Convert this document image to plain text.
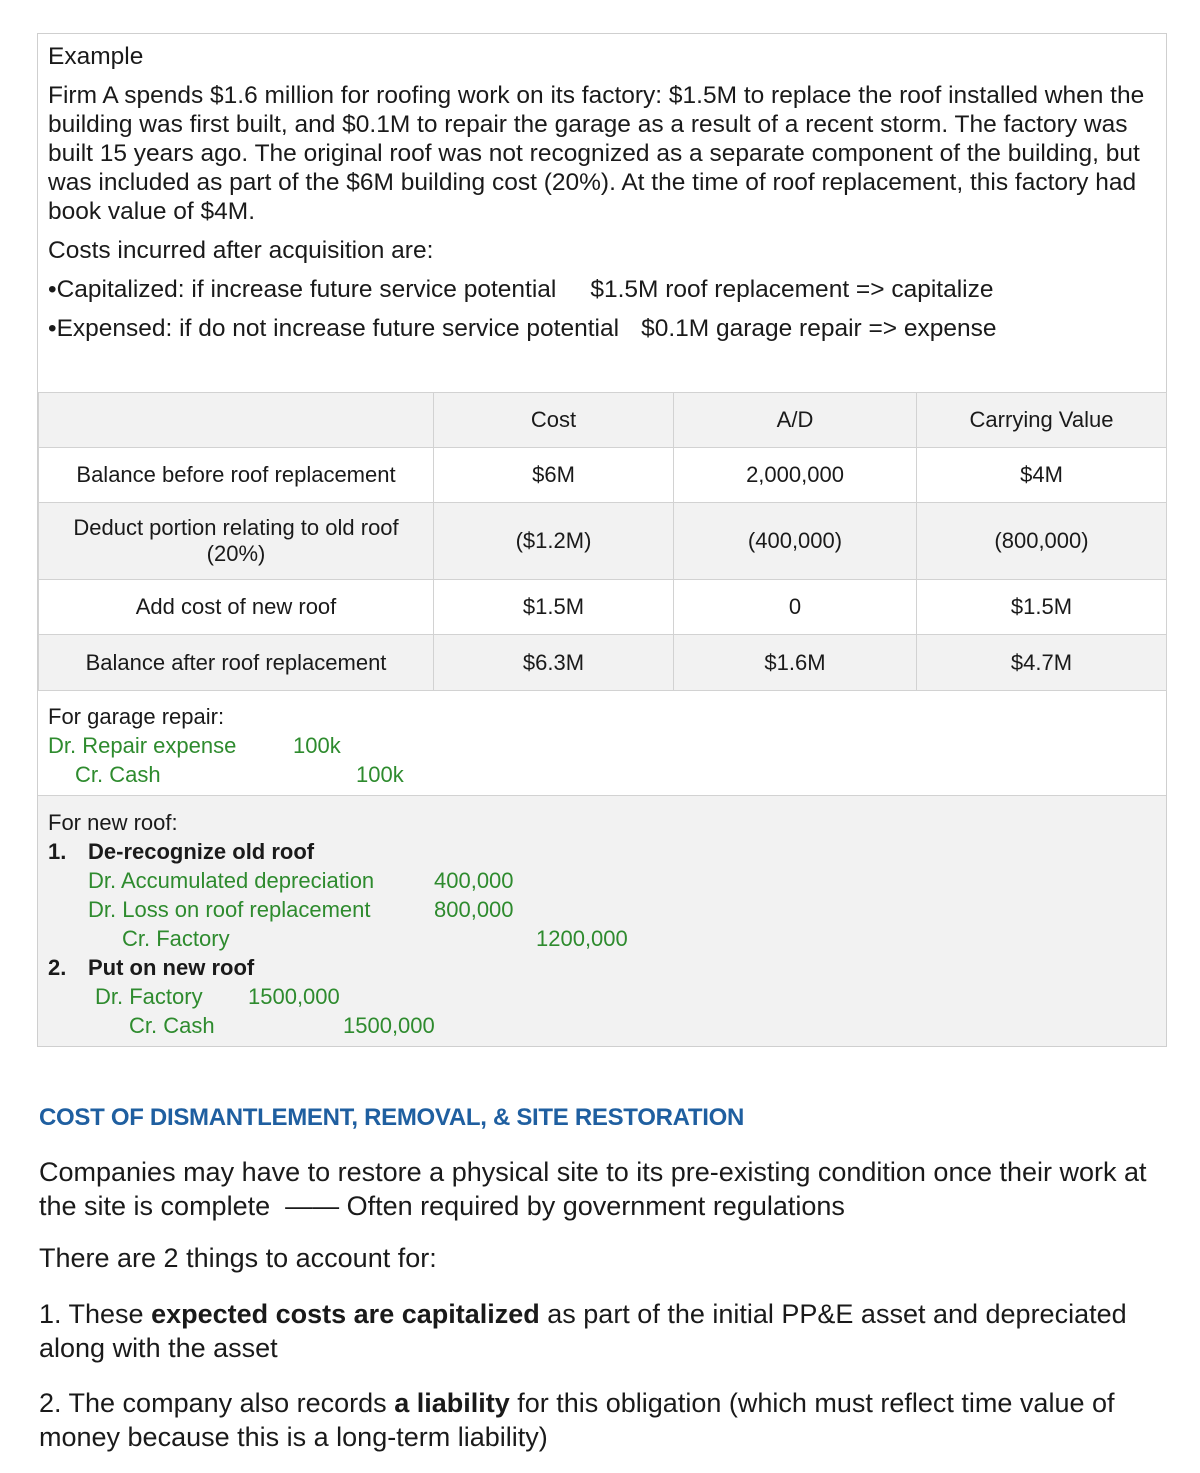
Example

Firm A spends $1.6 million for roofing work on its factory: $1.5M to replace the roof installed when the building was first built, and $0.1M to repair the garage as a result of a recent storm. The factory was built 15 years ago. The original roof was not recognized as a separate component of the building, but was included as part of the $6M building cost (20%). At the time of roof replacement, this factory had book value of $4M.

Costs incurred after acquisition are:

•Capitalized: if increase future service potential $1.5M roof replacement => capitalize
•Expensed: if do not increase future service potential $0.1M garage repair => expense
	Cost	A/D	Carrying Value
Balance before roof replacement	$6M	2,000,000	$4M
Deduct portion relating to old roof (20%)	($1.2M)	(400,000)	(800,000)
Add cost of new roof	$1.5M	0	$1.5M
Balance after roof replacement	$6.3M	$1.6M	$4.7M
For garage repair:
Dr. Repair expense	100k
Cr. Cash	100k
For new roof:
1. De-recognize old roof
Dr. Accumulated depreciation	400,000
Dr. Loss on roof replacement	800,000
Cr. Factory	1200,000
2. Put on new roof
Dr. Factory 1500,000
Cr. Cash	1500,000
COST OF DISMANTLEMENT, REMOVAL, & SITE RESTORATION
Companies may have to restore a physical site to its pre-existing condition once their work at the site is complete  —— Often required by government regulations
There are 2 things to account for:
1. These expected costs are capitalized as part of the initial PP&E asset and depreciated along with the asset
2. The company also records a liability for this obligation (which must reflect time value of money because this is a long-term liability)
